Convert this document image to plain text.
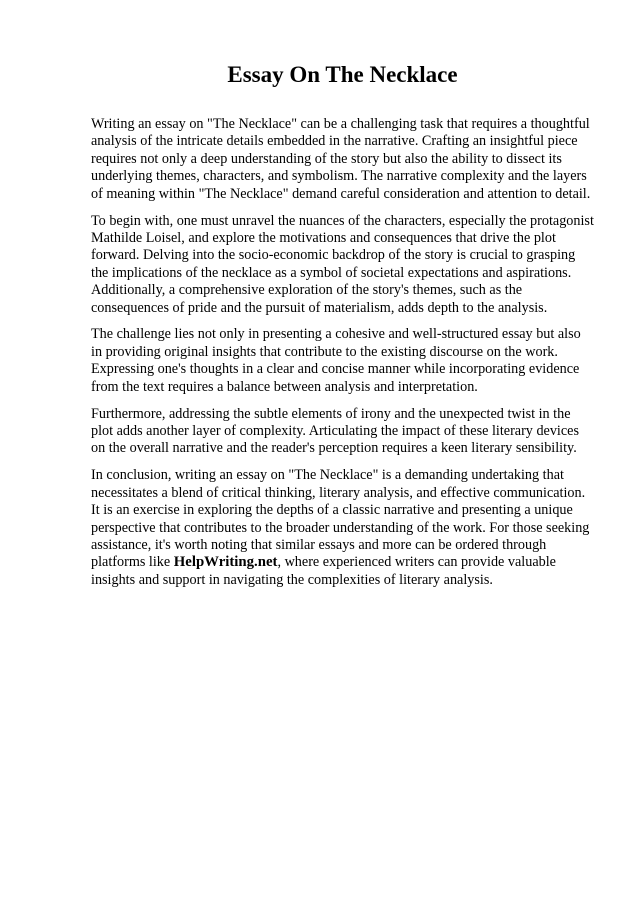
Essay On The Necklace

Writing an essay on "The Necklace" can be a challenging task that requires a thoughtful analysis of the intricate details embedded in the narrative. Crafting an insightful piece requires not only a deep understanding of the story but also the ability to dissect its underlying themes, characters, and symbolism. The narrative complexity and the layers of meaning within "The Necklace" demand careful consideration and attention to detail.

To begin with, one must unravel the nuances of the characters, especially the protagonist Mathilde Loisel, and explore the motivations and consequences that drive the plot forward. Delving into the socio-economic backdrop of the story is crucial to grasping the implications of the necklace as a symbol of societal expectations and aspirations. Additionally, a comprehensive exploration of the story's themes, such as the consequences of pride and the pursuit of materialism, adds depth to the analysis.

The challenge lies not only in presenting a cohesive and well-structured essay but also in providing original insights that contribute to the existing discourse on the work. Expressing one's thoughts in a clear and concise manner while incorporating evidence from the text requires a balance between analysis and interpretation.

Furthermore, addressing the subtle elements of irony and the unexpected twist in the plot adds another layer of complexity. Articulating the impact of these literary devices on the overall narrative and the reader's perception requires a keen literary sensibility.

In conclusion, writing an essay on "The Necklace" is a demanding undertaking that necessitates a blend of critical thinking, literary analysis, and effective communication. It is an exercise in exploring the depths of a classic narrative and presenting a unique perspective that contributes to the broader understanding of the work. For those seeking assistance, it's worth noting that similar essays and more can be ordered through platforms like HelpWriting.net, where experienced writers can provide valuable insights and support in navigating the complexities of literary analysis.
